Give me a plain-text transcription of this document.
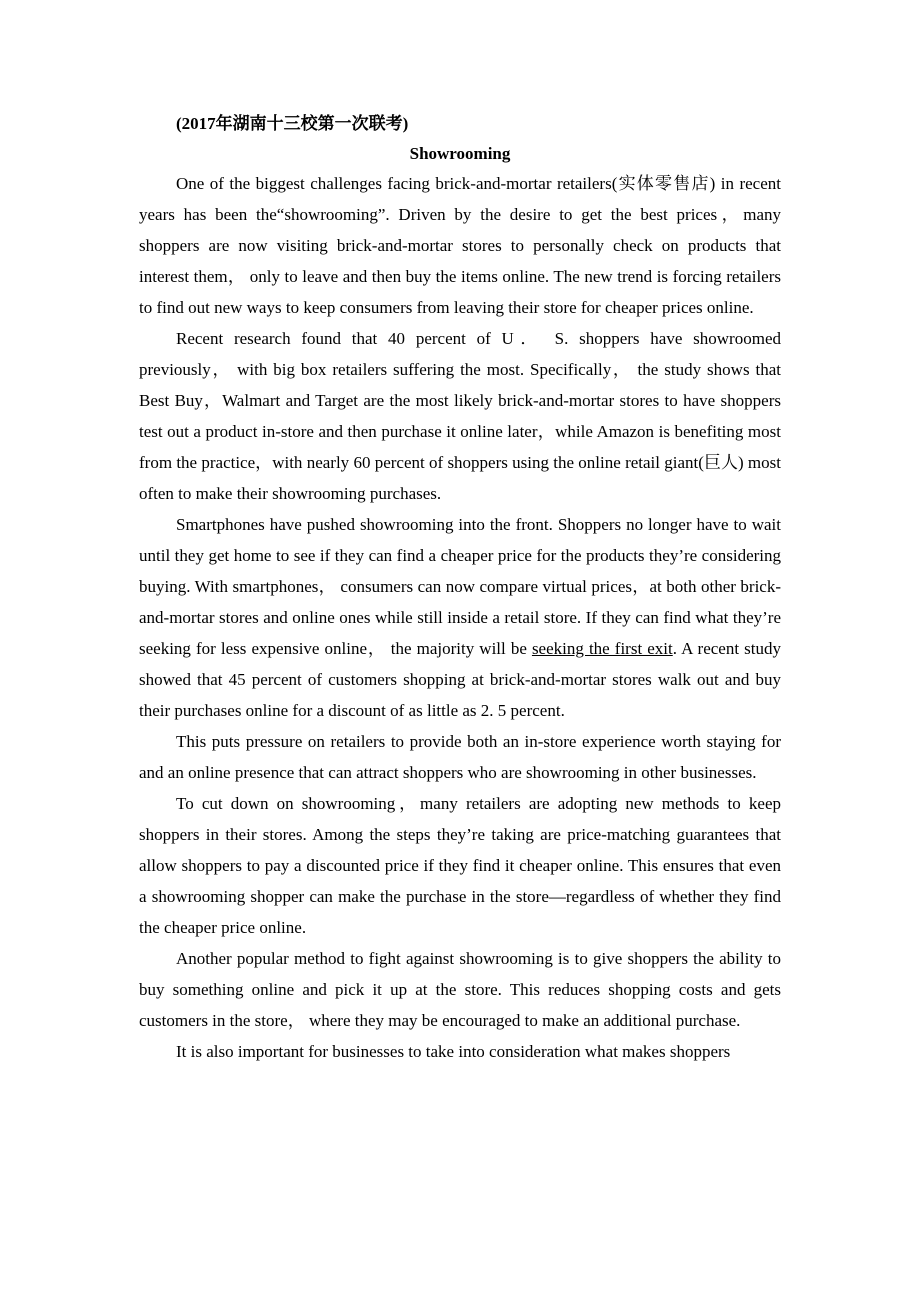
(2017年湖南十三校第一次联考)
Showrooming

One of the biggest challenges facing brick‐and‐mortar retailers(实体零售店) in recent years has been the“showrooming”. Driven by the desire to get the best prices，many shoppers are now visiting brick‐and‐mortar stores to personally check on products that interest them， only to leave and then buy the items online. The new trend is forcing retailers to find out new ways to keep consumers from leaving their store for cheaper prices online.

Recent research found that 40 percent of U． S. shoppers have showroomed previously， with big box retailers suffering the most. Specifically， the study shows that Best Buy，Walmart and Target are the most likely brick-and-mortar stores to have shoppers test out a product in-store and then purchase it online later，while Amazon is benefiting most from the practice，with nearly 60 percent of shoppers using the online retail giant(巨人) most often to make their showrooming purchases.

Smartphones have pushed showrooming into the front. Shoppers no longer have to wait until they get home to see if they can find a cheaper price for the products they’re considering buying. With smartphones， consumers can now compare virtual prices，at both other brick‐and‐mortar stores and online ones while still inside a retail store. If they can find what they’re seeking for less expensive online， the majority will be seeking the first exit. A recent study showed that 45 percent of customers shopping at brick-and-mortar stores walk out and buy their purchases online for a discount of as little as 2. 5 percent.

This puts pressure on retailers to provide both an in‐store experience worth staying for and an online presence that can attract shoppers who are showrooming in other businesses.

To cut down on showrooming，many retailers are adopting new methods to keep shoppers in their stores. Among the steps they’re taking are price‐matching guarantees that allow shoppers to pay a discounted price if they find it cheaper online. This ensures that even a showrooming shopper can make the purchase in the store—regardless of whether they find the cheaper price online.

Another popular method to fight against showrooming is to give shoppers the ability to buy something online and pick it up at the store. This reduces shopping costs and gets customers in the store， where they may be encouraged to make an additional purchase.

It is also important for businesses to take into consideration what makes shoppers
